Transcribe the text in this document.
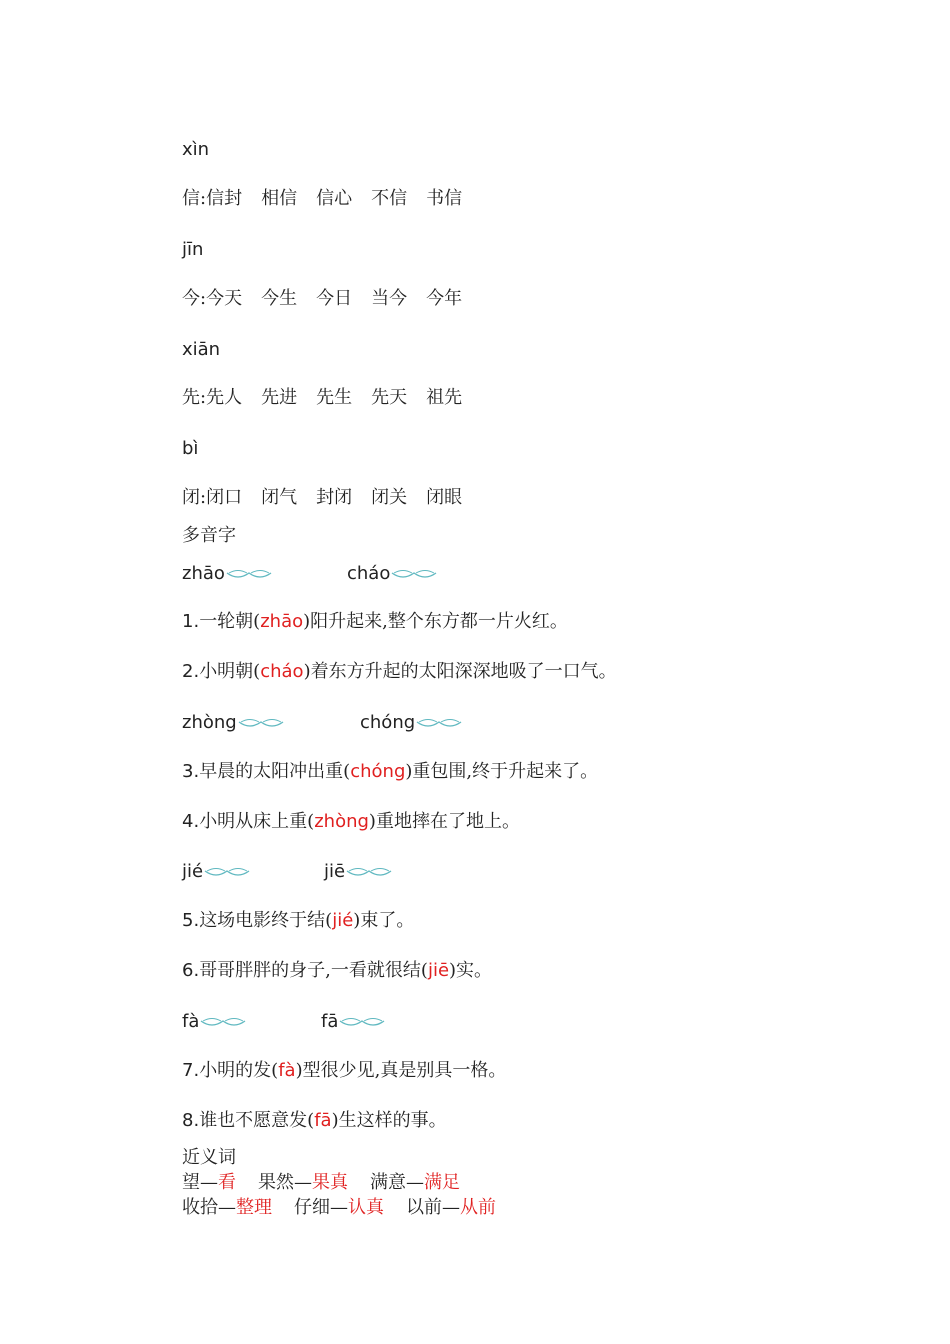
xìn
信:信封 相信 信心 不信 书信
jīn
今:今天 今生 今日 当今 今年
xiān
先:先人 先进 先生 先天 祖先
bì
闭:闭口 闭气 封闭 闭关 闭眼
多音字
zhāo	cháo
1.一轮朝(zhāo)阳升起来,整个东方都一片火红。
2.小明朝(cháo)着东方升起的太阳深深地吸了一口气。
zhòng	chóng
3.早晨的太阳冲出重(chóng)重包围,终于升起来了。
4.小明从床上重(zhòng)重地摔在了地上。
jié	jiē
5.这场电影终于结(jié)束了。
6.哥哥胖胖的身子,一看就很结(jiē)实。
fà	fā
7.小明的发(fà)型很少见,真是别具一格。
8.谁也不愿意发(fā)生这样的事。
近义词
望—看 果然—果真 满意—满足
收拾—整理 仔细—认真 以前—从前
